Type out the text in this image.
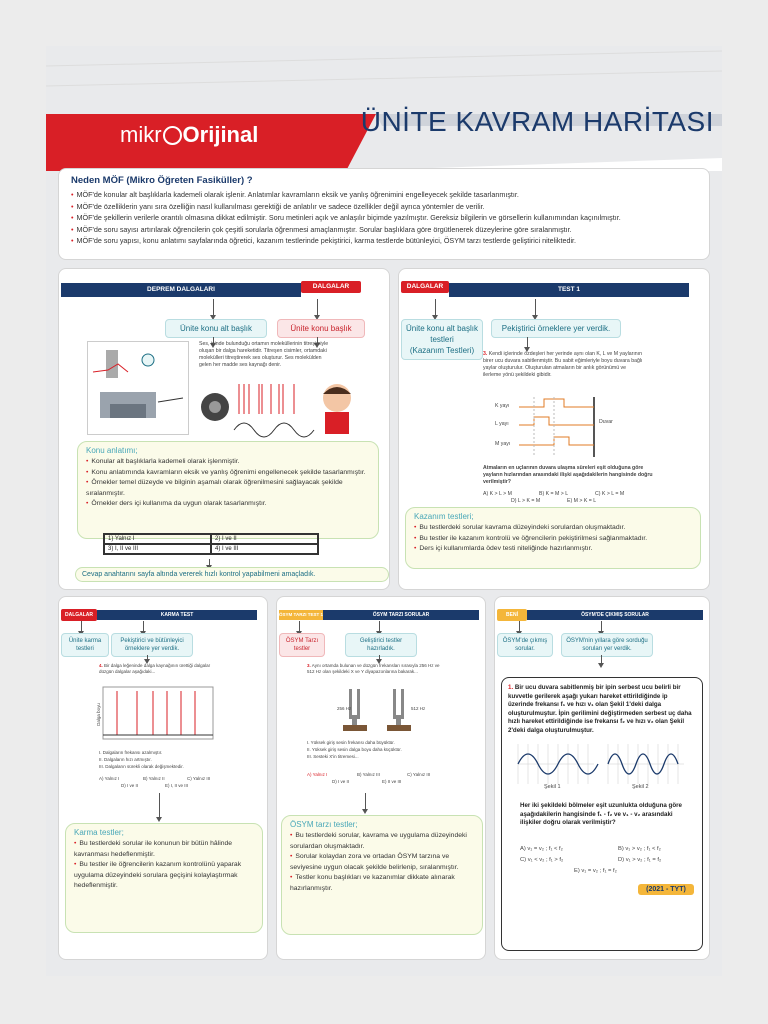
mikr Orijinal	ÜNİTE KAVRAM HARİTASI
Neden MÖF (Mikro Öğreten Fasiküller) ?
• MÖF'de konular alt başlıklarla kademeli olarak işlenir. Anlatımlar kavramların eksik ve yanlış öğrenimini engelleyecek şekilde tasarlanmıştır.
• MÖF'de özelliklerin yanı sıra özelliğin nasıl kullanılması gerektiği de anlatılır ve sadece özellikler değil ayrıca yöntemler de verilir.
• MÖF'de şekillerin verilerle orantılı olmasına dikkat edilmiştir. Soru metinleri açık ve anlaşılır biçimde yazılmıştır. Gereksiz bilgilerin ve görsellerin kullanımından kaçınılmıştır.
• MÖF'de soru sayısı artırılarak öğrencilerin çok çeşitli sorularla öğrenmesi amaçlanmıştır. Sorular başlıklara göre örgütlenerek düzeylerine göre sıralanmıştır.
• MÖF'de soru yapısı, konu anlatımı sayfalarında öğretici, kazanım testlerinde pekiştirici, karma testlerde bütünleyici, ÖSYM tarzı testlerde geliştirici niteliktedir.
DEPREM DALGALARI	DALGALAR
Ünite konu alt başlık	Ünite konu başlık
Ses, içinde bulunduğu ortamın moleküllerinin titreşimiyle oluşan bir dalga hareketidir. Titreşen cisimler, ortamdaki molekülleri titreştirerek ses oluşturur. Ses molekülden gelen her madde ses kaynağı denir.
Konu anlatımı;
• Konular alt başlıklarla kademeli olarak işlenmiştir.
• Konu anlatımında kavramların eksik ve yanlış öğrenimi engellenecek şekilde tasarlanmıştır.
• Örnekler temel düzeyde ve bilginin aşamalı olarak öğrenilmesini sağlayacak şekilde sıralanmıştır.
• Örnekler ders içi kullanıma da uygun olarak tasarlanmıştır.
1) Yalnız I	2) I ve II
3) I, II ve III	4) I ve III
Cevap anahtarını sayfa altında vererek hızlı kontrol yapabilmeni amaçladık.
DALGALAR	TEST 1
Ünite konu alt başlık testleri
(Kazanım Testleri)
Pekiştirici örneklere yer verdik.
3. Kendi içlerinde özdeşleri her yerinde aynı olan K, L ve M yaylarının birer ucu duvara sabitlenmiştir. Bu sabit eğimleriyle boyu duvara bağlı yaylar oluşturulur. Oluşturulan atmaların bir anlık görünümü ve ilerleme yönü şekildeki gibidir.
K yayı
L yayı
M yayı
Duvar
Atmaların en uçlarının duvara ulaşma süreleri eşit olduğuna göre yayların hızlarından arasındaki ilişki aşağıdakilerin hangisinde doğru verilmiştir?
A) K > L > M	B) K = M > L	C) K > L = M
D) L > K = M	E) M > K = L
Kazanım testleri;
• Bu testlerdeki sorular kavrama düzeyindeki sorulardan oluşmaktadır.
• Bu testler ile kazanım kontrolü ve öğrencilerin pekiştirilmesi sağlanmaktadır.
• Ders içi kullanımlarda ödev testi niteliğinde hazırlanmıştır.
DALGALAR	KARMA TEST
Ünite karma testleri
Pekiştirici ve bütünleyici örneklere yer verdik.
4. Bir dalga leğeninde dalga kaynağının ürettiği dalgalar düzgün dalgalar aşağıdaki...
Dalga boyu
I. Dalgaların frekansı azalmıştır.
II. Dalgaların hızı artmıştır.
III. Dalgaların sürekli olarak değişmektedir.
A) Yalnız I	B) Yalnız II	C) Yalnız III
D) I ve II	E) I, II ve III
Karma testler;
• Bu testlerdeki sorular ile konunun bir bütün hâlinde kavranması hedeflenmiştir.
• Bu testler ile öğrencilerin kazanım kontrolünü yaparak uygulama düzeyindeki sorulara geçişini kolaylaştırmak hedeflenmiştir.
ÖSYM TARZI TEST 1	ÖSYM TARZI SORULAR
ÖSYM Tarzı testler
Geliştirici testler hazırladık.
3. Aynı ortamda bulunan ve düzgün frekansları sırasıyla 256 Hz ve 512 Hz olan şekildeki X ve Y diyapazonlarına bakarak...
256 Hz	512 Hz
I. Yüksek giriş sesin frekansı daha büyüktür.
II. Yüksek giriş sesin dalga boyu daha küçüktür.
III. Sesteki X'in titremesi...
A) Yalnız I	B) Yalnız III	C) Yalnız III
D) I ve II	E) II ve III
ÖSYM tarzı testler;
• Bu testlerdeki sorular, kavrama ve uygulama düzeyindeki sorulardan oluşmaktadır.
• Sorular kolaydan zora ve ortadan ÖSYM tarzına ve seviyesine uygun olacak şekilde belirlenip, sıralanmıştır.
• Testler konu başlıkları ve kazanımlar dikkate alınarak hazırlanmıştır.
BENİ	ÖSYM'DE ÇIKMIŞ SORULAR
ÖSYM'de çıkmış sorular.
ÖSYM'nin yıllara göre sorduğu soruları yer verdik.
1. Bir ucu duvara sabitlenmiş bir ipin serbest ucu belirli bir kuvvetle gerilerek aşağı yukarı hareket ettirildiğinde ip üzerinde frekansı f₁ ve hızı v₁ olan Şekil 1'deki dalga oluşturulmuştur. İpin gerilimini değiştirmeden serbest uç daha hızlı hareket ettirildiğinde ise frekansı f₂ ve hızı v₂ olan Şekil 2'deki dalga oluşturulmuştur.
Şekil 1	Şekil 2
Her iki şekildeki bölmeler eşit uzunlukta olduğuna göre aşağıdakilerin hangisinde f₁ - f₂ ve v₁ - v₂ arasındaki ilişkiler doğru olarak verilmiştir?
A) v₁ = v₂ ; f₁ < f₂	B) v₁ > v₂ ; f₁ < f₂
C) v₁ < v₂ ; f₁ > f₂	D) v₁ > v₂ ; f₁ = f₂
E) v₁ = v₂ ; f₁ = f₂
(2021 - TYT)
